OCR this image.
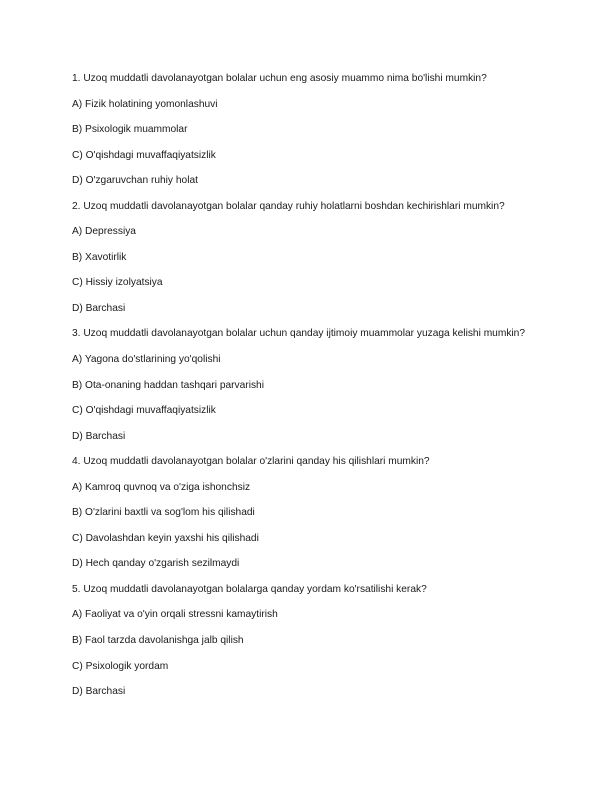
1. Uzoq muddatli davolanayotgan bolalar uchun eng asosiy muammo nima bo'lishi mumkin?
A) Fizik holatining yomonlashuvi
B) Psixologik muammolar
C) O'qishdagi muvaffaqiyatsizlik
D) O'zgaruvchan ruhiy holat
2. Uzoq muddatli davolanayotgan bolalar qanday ruhiy holatlarni boshdan kechirishlari mumkin?
A) Depressiya
B) Xavotirlik
C) Hissiy izolyatsiya
D) Barchasi
3. Uzoq muddatli davolanayotgan bolalar uchun qanday ijtimoiy muammolar yuzaga kelishi mumkin?
A) Yagona do'stlarining yo'qolishi
B) Ota-onaning haddan tashqari parvarishi
C) O'qishdagi muvaffaqiyatsizlik
D) Barchasi
4. Uzoq muddatli davolanayotgan bolalar o'zlarini qanday his qilishlari mumkin?
A) Kamroq quvnoq va o'ziga ishonchsiz
B) O'zlarini baxtli va sog'lom his qilishadi
C) Davolashdan keyin yaxshi his qilishadi
D) Hech qanday o'zgarish sezilmaydi
5. Uzoq muddatli davolanayotgan bolalarga qanday yordam ko'rsatilishi kerak?
A) Faoliyat va o'yin orqali stressni kamaytirish
B) Faol tarzda davolanishga jalb qilish
C) Psixologik yordam
D) Barchasi
